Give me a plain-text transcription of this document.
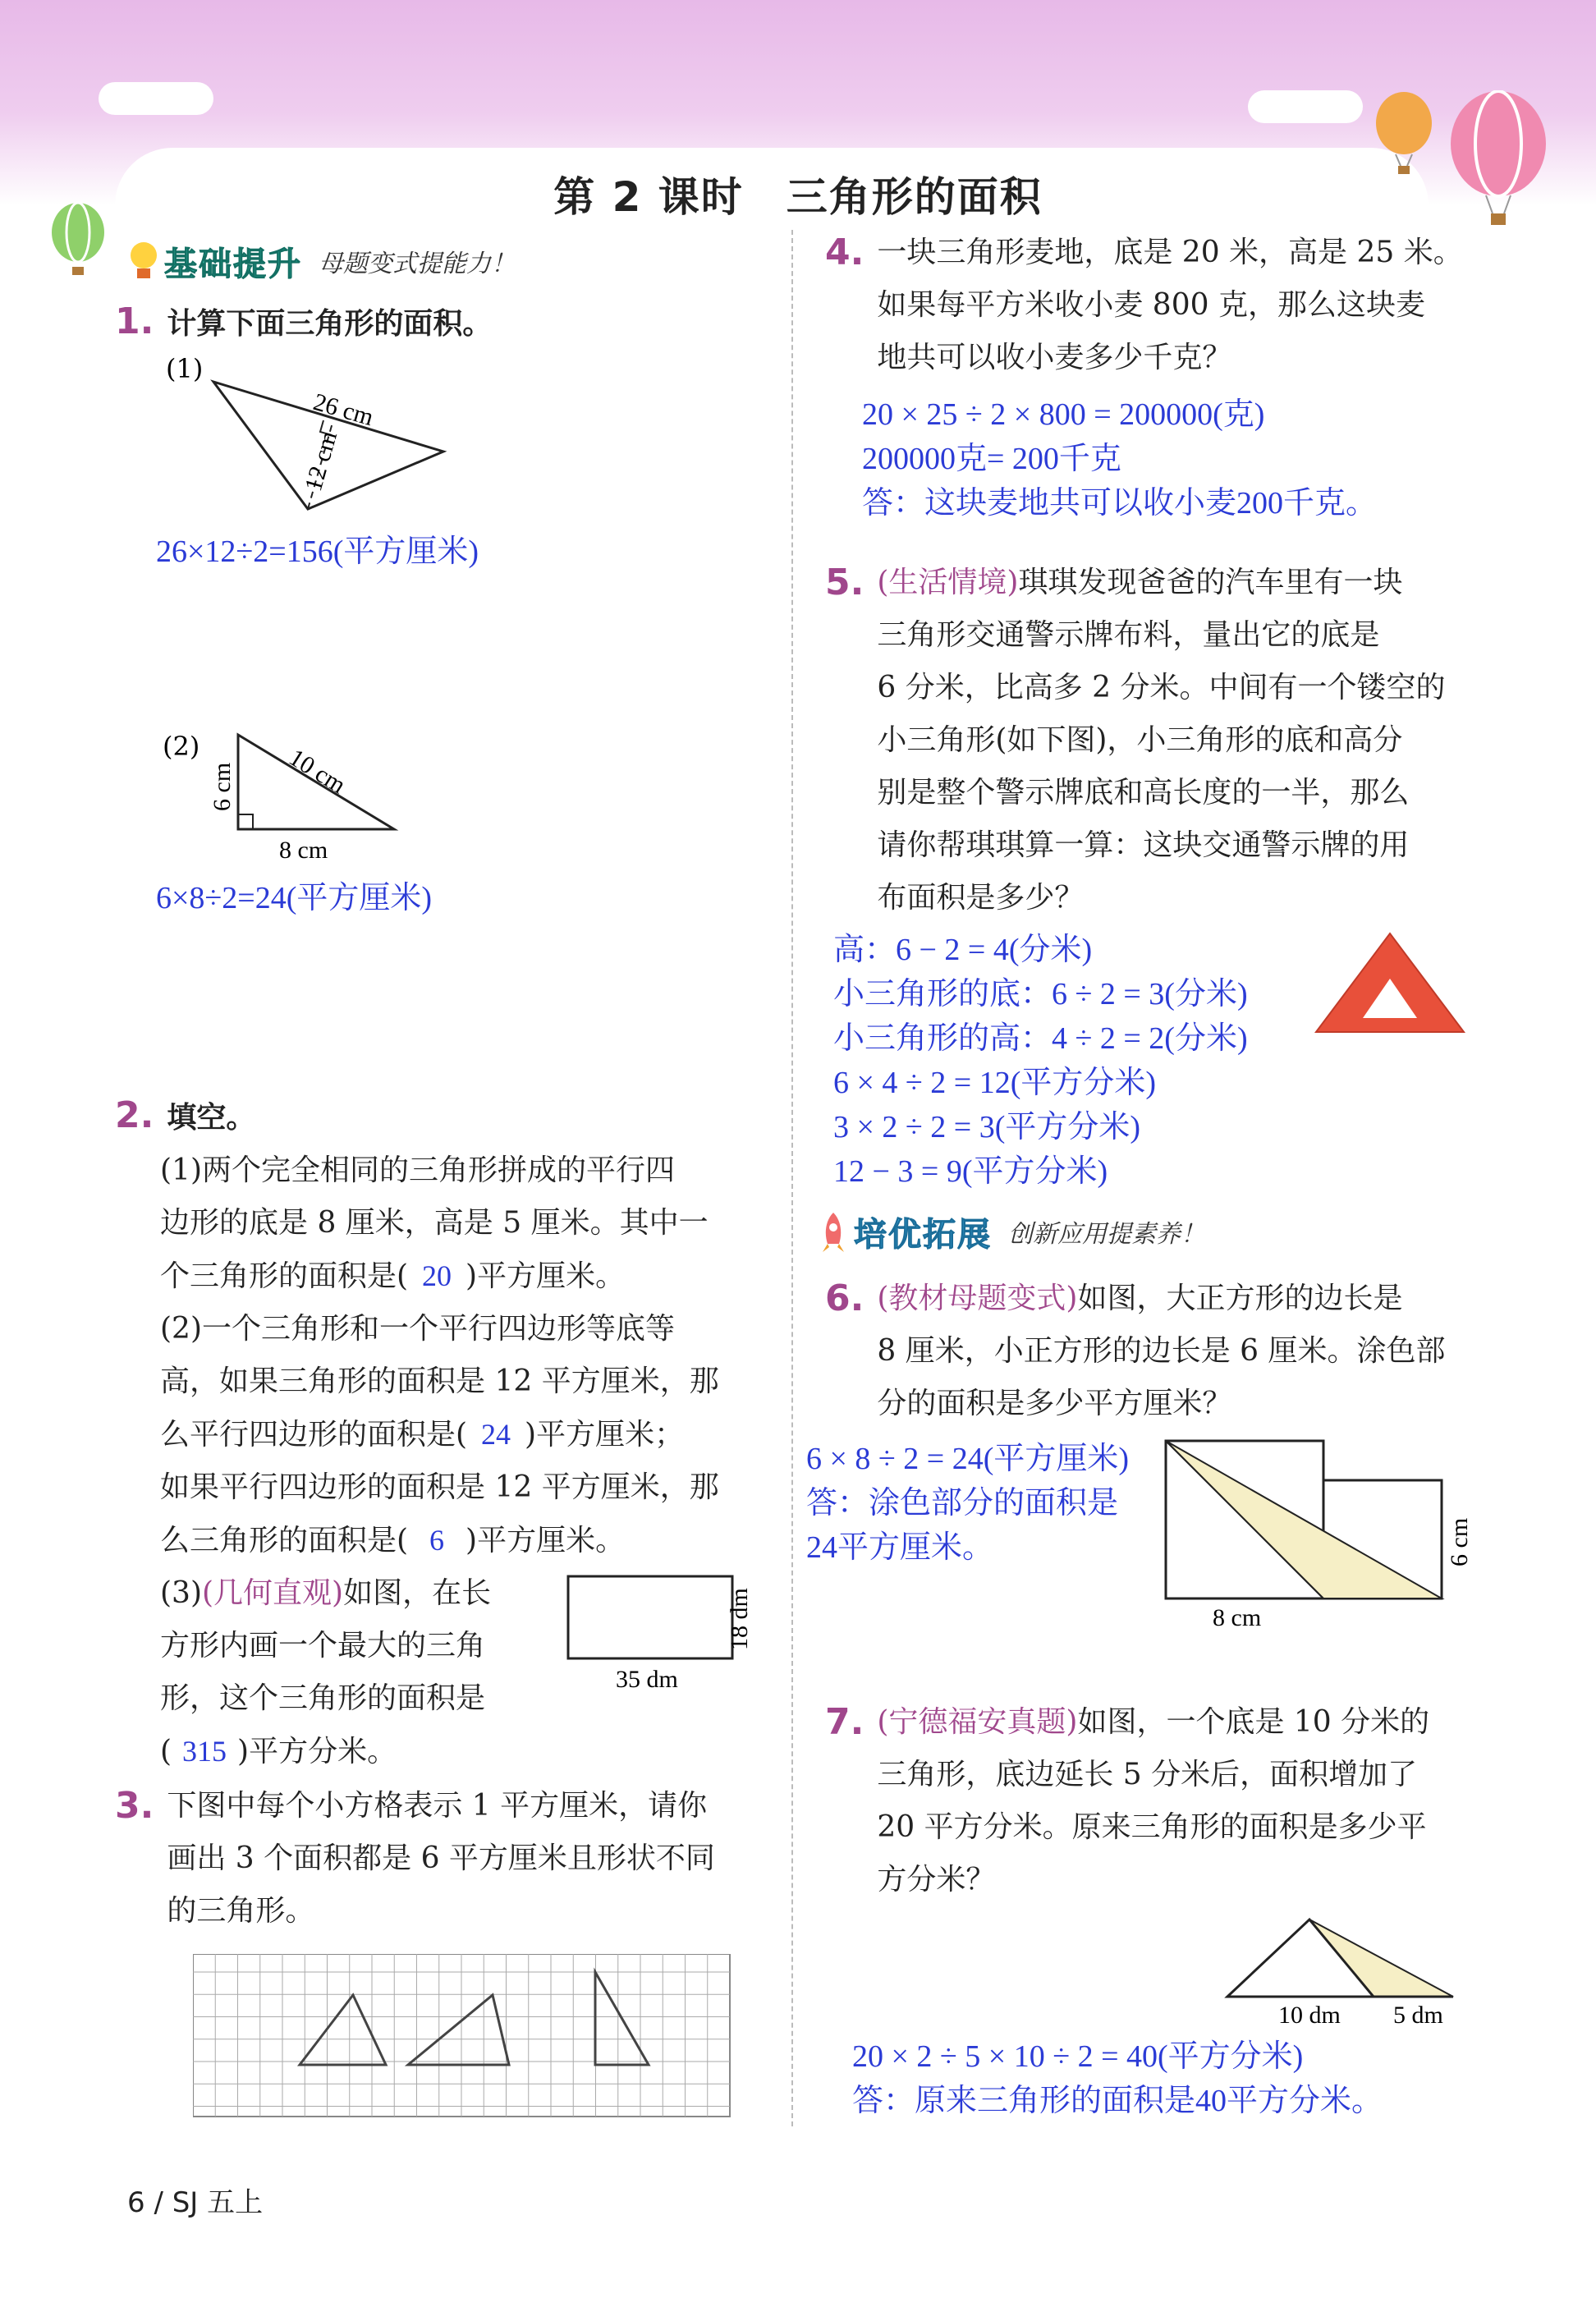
第 2 课时　三角形的面积
基础提升 母题变式提能力！
1. 计算下面三角形的面积。
(1)
26 cm
12 cm
26×12÷2=156(平方厘米)
(2)	10 cm
6 cm
8 cm
6×8÷2=24(平方厘米)
2. 填空。
(1)两个完全相同的三角形拼成的平行四
边形的底是 8 厘米，高是 5 厘米。其中一
个三角形的面积是( 20 )平方厘米。
(2)一个三角形和一个平行四边形等底等
高，如果三角形的面积是 12 平方厘米，那
么平行四边形的面积是( 24 )平方厘米；
如果平行四边形的面积是 12 平方厘米，那
么三角形的面积是( 6 )平方厘米。
(3)(几何直观)如图，在长
方形内画一个最大的三角
形，这个三角形的面积是
( 315 )平方分米。
35 dm
18 dm
3. 下图中每个小方格表示 1 平方厘米，请你
画出 3 个面积都是 6 平方厘米且形状不同
的三角形。
4. 一块三角形麦地，底是 20 米，高是 25 米。
如果每平方米收小麦 800 克，那么这块麦
地共可以收小麦多少千克？
20 × 25 ÷ 2 × 800 = 200000(克)
200000克= 200千克
答：这块麦地共可以收小麦200千克。
5. (生活情境)琪琪发现爸爸的汽车里有一块
三角形交通警示牌布料，量出它的底是
6 分米，比高多 2 分米。中间有一个镂空的
小三角形(如下图)，小三角形的底和高分
别是整个警示牌底和高长度的一半，那么
请你帮琪琪算一算：这块交通警示牌的用
布面积是多少？
高：6 − 2 = 4(分米)
小三角形的底：6 ÷ 2 = 3(分米)
小三角形的高：4 ÷ 2 = 2(分米)
6 × 4 ÷ 2 = 12(平方分米)
3 × 2 ÷ 2 = 3(平方分米)
12 − 3 = 9(平方分米)
培优拓展 创新应用提素养！
6. (教材母题变式)如图，大正方形的边长是
8 厘米，小正方形的边长是 6 厘米。涂色部
分的面积是多少平方厘米？
6 × 8 ÷ 2 = 24(平方厘米)
答：涂色部分的面积是
24平方厘米。
8 cm
6 cm
7. (宁德福安真题)如图，一个底是 10 分米的
三角形，底边延长 5 分米后，面积增加了
20 平方分米。原来三角形的面积是多少平
方分米？
10 dm 5 dm
20 × 2 ÷ 5 × 10 ÷ 2 = 40(平方分米)
答：原来三角形的面积是40平方分米。
6 / SJ 五上
